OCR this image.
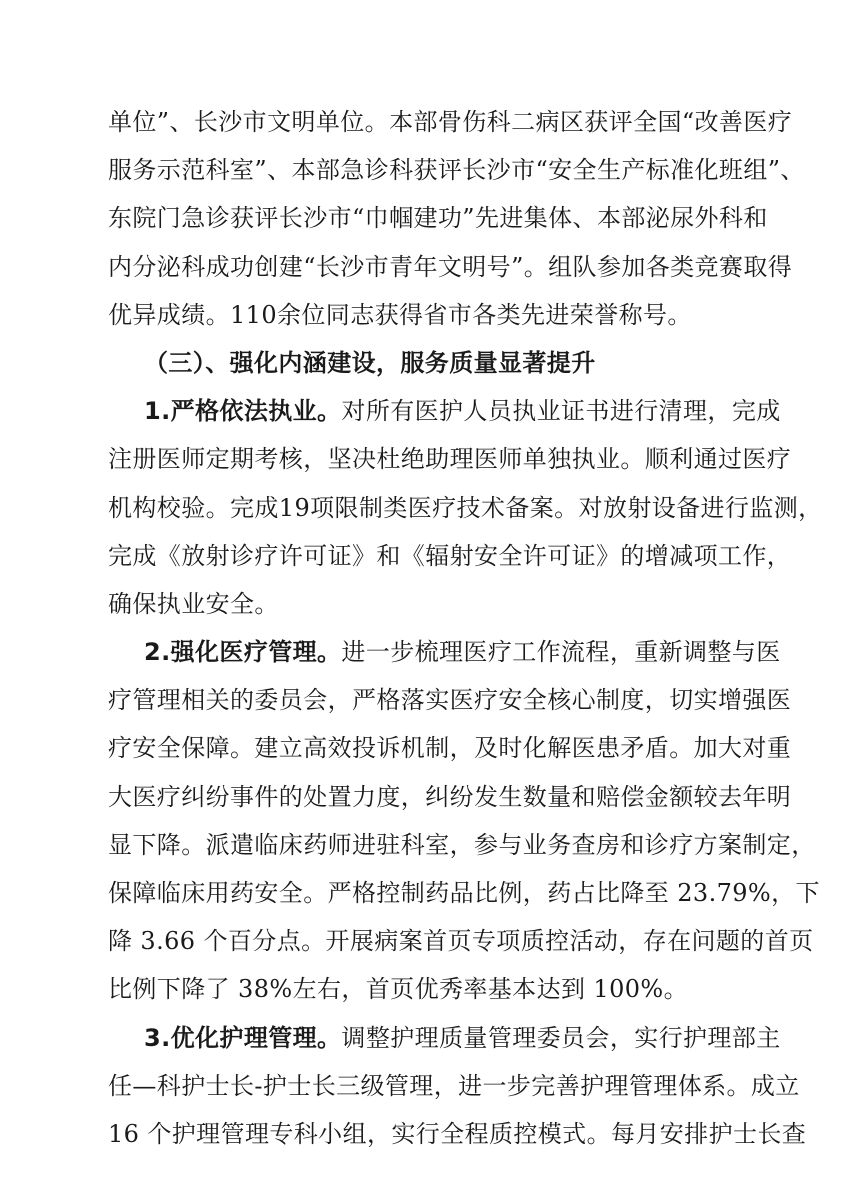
单位”、长沙市文明单位。本部骨伤科二病区获评全国“改善医疗
服务示范科室”、本部急诊科获评长沙市“安全生产标准化班组”、
东院门急诊获评长沙市“巾帼建功”先进集体、本部泌尿外科和
内分泌科成功创建“长沙市青年文明号”。组队参加各类竞赛取得
优异成绩。110余位同志获得省市各类先进荣誉称号。
（三）、强化内涵建设，服务质量显著提升
1.严格依法执业。对所有医护人员执业证书进行清理，完成
注册医师定期考核，坚决杜绝助理医师单独执业。顺利通过医疗
机构校验。完成19项限制类医疗技术备案。对放射设备进行监测，
完成《放射诊疗许可证》和《辐射安全许可证》的增减项工作，
确保执业安全。
2.强化医疗管理。进一步梳理医疗工作流程，重新调整与医
疗管理相关的委员会，严格落实医疗安全核心制度，切实增强医
疗安全保障。建立高效投诉机制，及时化解医患矛盾。加大对重
大医疗纠纷事件的处置力度，纠纷发生数量和赔偿金额较去年明
显下降。派遣临床药师进驻科室，参与业务查房和诊疗方案制定，
保障临床用药安全。严格控制药品比例，药占比降至 23.79%，下
降 3.66 个百分点。开展病案首页专项质控活动，存在问题的首页
比例下降了 38%左右，首页优秀率基本达到 100%。
3.优化护理管理。调整护理质量管理委员会，实行护理部主
任—科护士长-护士长三级管理，进一步完善护理管理体系。成立
16 个护理管理专科小组，实行全程质控模式。每月安排护士长查
